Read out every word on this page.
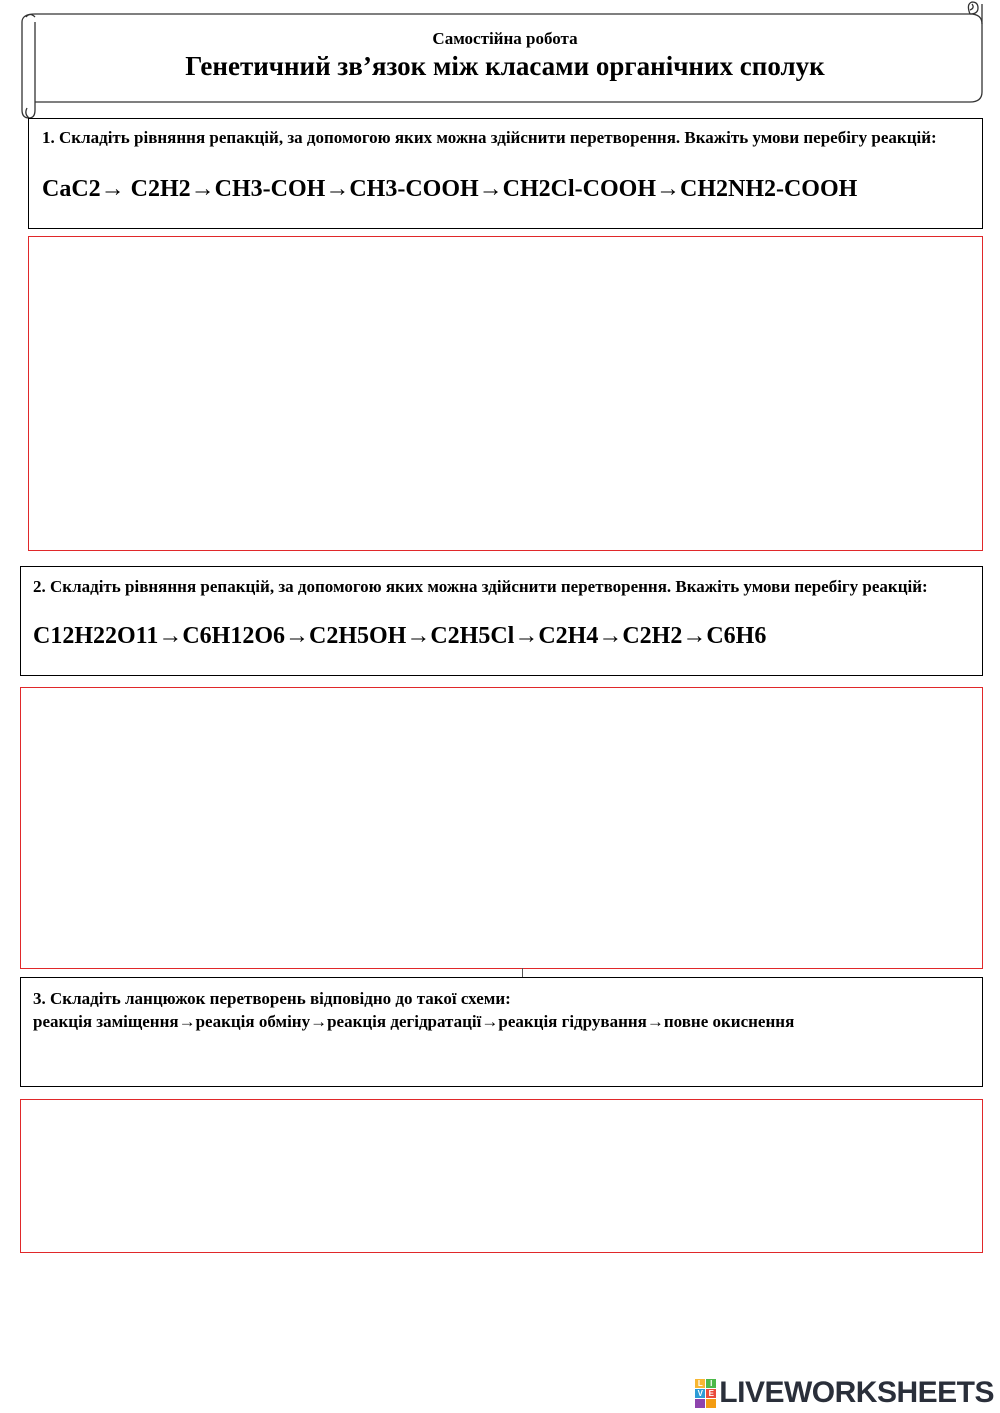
Самостійна робота
Генетичний зв’язок між класами органічних сполук
1. Складіть рівняння репакцій, за допомогою яких можна здійснити перетворення. Вкажіть умови перебігу реакцій:
CaC2→ C2H2→CH3-COH→CH3-COOH→CH2Cl-COOH→CH2NH2-COOH
2. Складіть рівняння репакцій, за допомогою яких можна здійснити перетворення. Вкажіть умови перебігу реакцій:
C12H22O11→C6H12O6→C2H5OH→C2H5Cl→C2H4→C2H2→C6H6
3. Складіть ланцюжок перетворень відповідно до такої схеми:
реакція заміщення→реакція обміну→реакція дегідратації→реакція гідрування→повне окиснення
L I
V E LIVEWORKSHEETS
